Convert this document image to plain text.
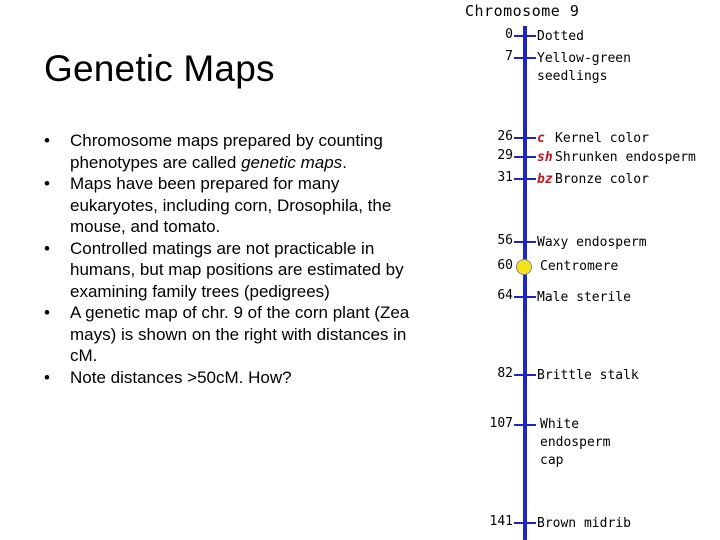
Genetic Maps
• Chromosome maps prepared by counting phenotypes are called genetic maps.
• Maps have been prepared for many eukaryotes, including corn, Drosophila, the mouse, and tomato.
• Controlled matings are not practicable in humans, but map positions are estimated by examining family trees (pedigrees)
• A genetic map of chr. 9 of the corn plant (Zea mays) is shown on the right with distances in cM.
• Note distances >50cM. How?
Chromosome 9
0 Dotted
7 Yellow-green
seedlings
26 c Kernel color
29 sh Shrunken endosperm
31 bz Bronze color
56 Waxy endosperm
60 Centromere
64 Male sterile
82 Brittle stalk
107 White
endosperm
cap
141 Brown midrib
